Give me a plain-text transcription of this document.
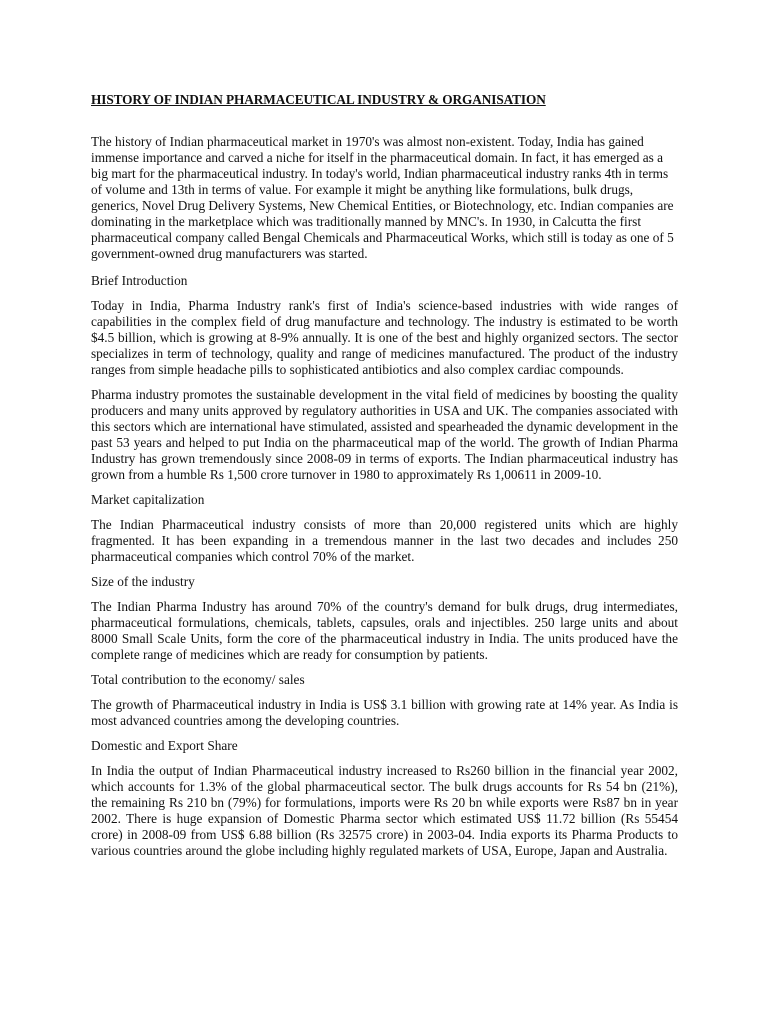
HISTORY OF INDIAN PHARMACEUTICAL INDUSTRY & ORGANISATION

The history of Indian pharmaceutical market in 1970's was almost non-existent. Today, India has gained immense importance and carved a niche for itself in the pharmaceutical domain. In fact, it has emerged as a big mart for the pharmaceutical industry. In today's world, Indian pharmaceutical industry ranks 4th in terms of volume and 13th in terms of value. For example it might be anything like formulations, bulk drugs, generics, Novel Drug Delivery Systems, New Chemical Entities, or Biotechnology, etc. Indian companies are dominating in the marketplace which was traditionally manned by MNC's. In 1930, in Calcutta the first pharmaceutical company called Bengal Chemicals and Pharmaceutical Works, which still is today as one of 5 government-owned drug manufacturers was started.

Brief Introduction

Today in India, Pharma Industry rank's first of India's science-based industries with wide ranges of capabilities in the complex field of drug manufacture and technology. The industry is estimated to be worth $4.5 billion, which is growing at 8-9% annually. It is one of the best and highly organized sectors. The sector specializes in term of technology, quality and range of medicines manufactured. The product of the industry ranges from simple headache pills to sophisticated antibiotics and also complex cardiac compounds.

Pharma industry promotes the sustainable development in the vital field of medicines by boosting the quality producers and many units approved by regulatory authorities in USA and UK. The companies associated with this sectors which are international have stimulated, assisted and spearheaded the dynamic development in the past 53 years and helped to put India on the pharmaceutical map of the world. The growth of Indian Pharma Industry has grown tremendously since 2008-09 in terms of exports. The Indian pharmaceutical industry has grown from a humble Rs 1,500 crore turnover in 1980 to approximately Rs 1,00611 in 2009-10.

Market capitalization

The Indian Pharmaceutical industry consists of more than 20,000 registered units which are highly fragmented. It has been expanding in a tremendous manner in the last two decades and includes 250 pharmaceutical companies which control 70% of the market.

Size of the industry

The Indian Pharma Industry has around 70% of the country's demand for bulk drugs, drug intermediates, pharmaceutical formulations, chemicals, tablets, capsules, orals and injectibles. 250 large units and about 8000 Small Scale Units, form the core of the pharmaceutical industry in India. The units produced have the complete range of medicines which are ready for consumption by patients.

Total contribution to the economy/ sales

The growth of Pharmaceutical industry in India is US$ 3.1 billion with growing rate at 14% year. As India is most advanced countries among the developing countries.

Domestic and Export Share

In India the output of Indian Pharmaceutical industry increased to Rs260 billion in the financial year 2002, which accounts for 1.3% of the global pharmaceutical sector. The bulk drugs accounts for Rs 54 bn (21%), the remaining Rs 210 bn (79%) for formulations, imports were Rs 20 bn while exports were Rs87 bn in year 2002. There is huge expansion of Domestic Pharma sector which estimated US$ 11.72 billion (Rs 55454 crore) in 2008-09 from US$ 6.88 billion (Rs 32575 crore) in 2003-04. India exports its Pharma Products to various countries around the globe including highly regulated markets of USA, Europe, Japan and Australia.
